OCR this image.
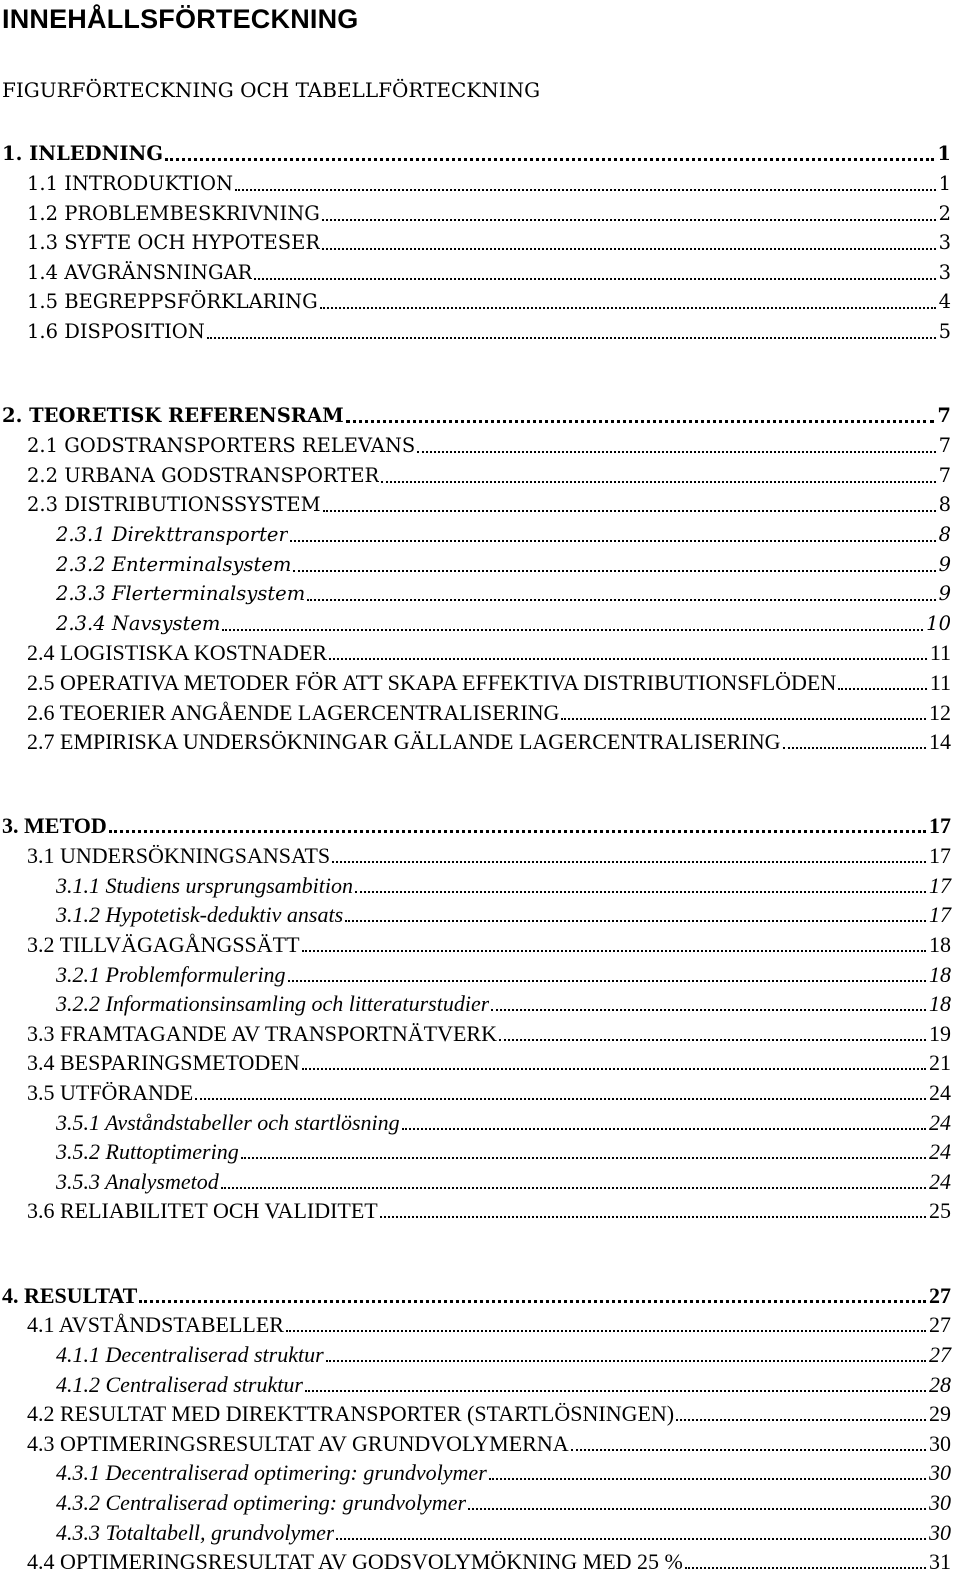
INNEHÅLLSFÖRTECKNING
FIGURFÖRTECKNING OCH TABELLFÖRTECKNING
1. INLEDNING	1
1.1 INTRODUKTION	1
1.2 PROBLEMBESKRIVNING	2
1.3 SYFTE OCH HYPOTESER	3
1.4 AVGRÄNSNINGAR	3
1.5 BEGREPPSFÖRKLARING	4
1.6 DISPOSITION	5
2. TEORETISK REFERENSRAM	7
2.1 GODSTRANSPORTERS RELEVANS	7
2.2 URBANA GODSTRANSPORTER	7
2.3 DISTRIBUTIONSSYSTEM	8
2.3.1 Direkttransporter	8
2.3.2 Enterminalsystem	9
2.3.3 Flerterminalsystem	9
2.3.4 Navsystem	10
2.4 LOGISTISKA KOSTNADER	11
2.5 OPERATIVA METODER FÖR ATT SKAPA EFFEKTIVA DISTRIBUTIONSFLÖDEN	11
2.6 TEOERIER ANGÅENDE LAGERCENTRALISERING	12
2.7 EMPIRISKA UNDERSÖKNINGAR GÄLLANDE LAGERCENTRALISERING	14
3. METOD	17
3.1 UNDERSÖKNINGSANSATS	17
3.1.1 Studiens ursprungsambition	17
3.1.2 Hypotetisk-deduktiv ansats	17
3.2 TILLVÄGAGÅNGSSÄTT	18
3.2.1 Problemformulering	18
3.2.2 Informationsinsamling och litteraturstudier	18
3.3 FRAMTAGANDE AV TRANSPORTNÄTVERK	19
3.4 BESPARINGSMETODEN	21
3.5 UTFÖRANDE	24
3.5.1 Avståndstabeller och startlösning	24
3.5.2 Ruttoptimering	24
3.5.3 Analysmetod	24
3.6 RELIABILITET OCH VALIDITET	25
4. RESULTAT	27
4.1 AVSTÅNDSTABELLER	27
4.1.1 Decentraliserad struktur	27
4.1.2 Centraliserad struktur	28
4.2 RESULTAT MED DIREKTTRANSPORTER (STARTLÖSNINGEN)	29
4.3 OPTIMERINGSRESULTAT AV GRUNDVOLYMERNA	30
4.3.1 Decentraliserad optimering: grundvolymer	30
4.3.2 Centraliserad optimering: grundvolymer	30
4.3.3 Totaltabell, grundvolymer	30
4.4 OPTIMERINGSRESULTAT AV GODSVOLYMÖKNING MED 25 %	31
